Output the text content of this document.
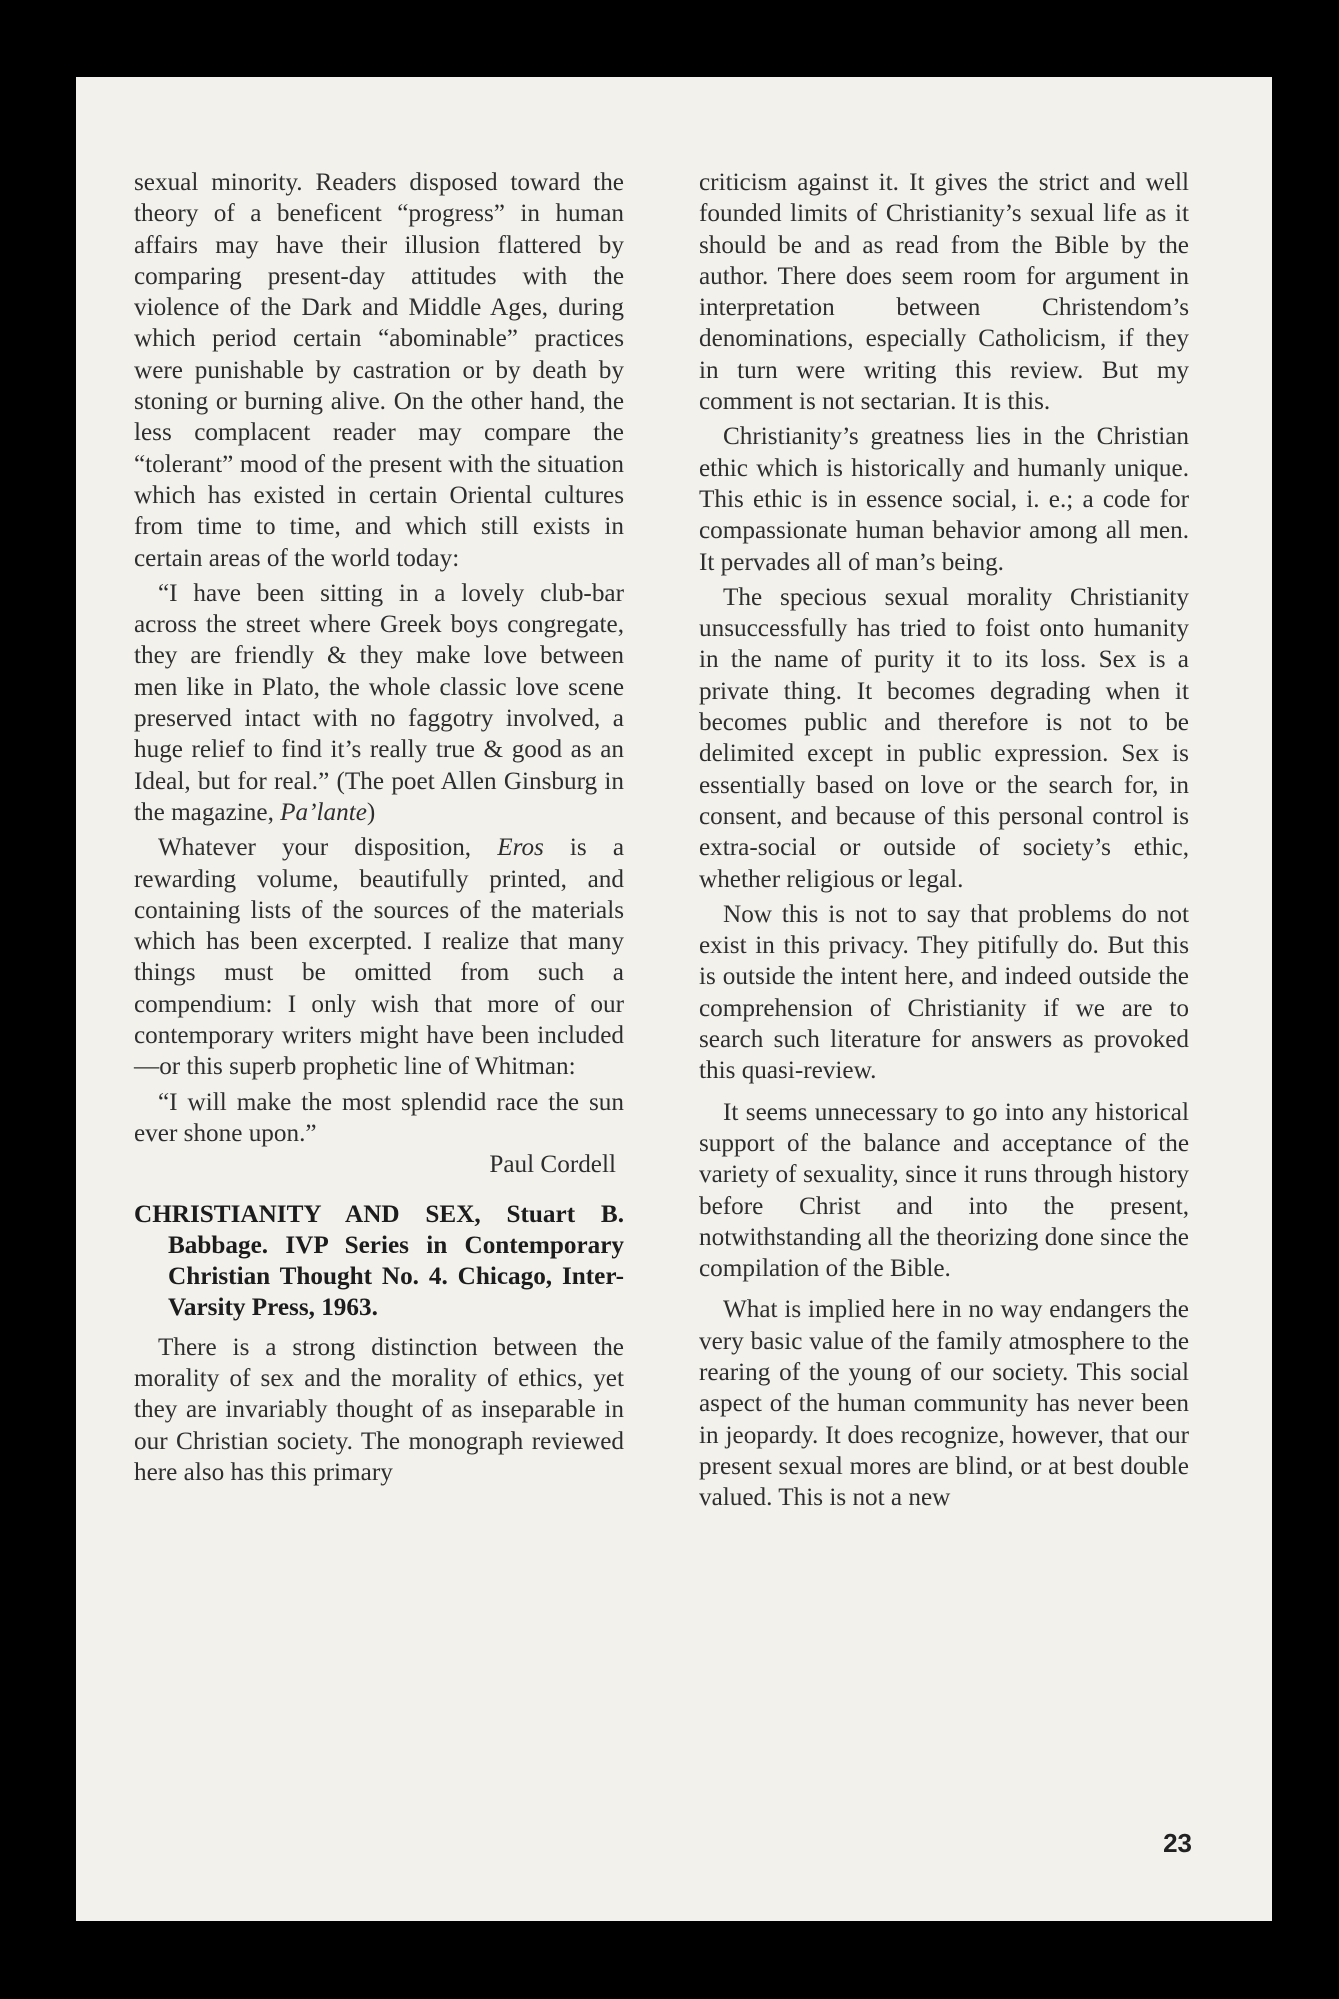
sexual minority. Readers disposed toward the theory of a beneficent “progress” in human affairs may have their illusion flattered by comparing present-day attitudes with the violence of the Dark and Middle Ages, during which period certain “abominable” practices were punishable by castration or by death by stoning or burning alive. On the other hand, the less complacent reader may compare the “tolerant” mood of the present with the situation which has existed in certain Oriental cultures from time to time, and which still exists in certain areas of the world today:

“I have been sitting in a lovely club-bar across the street where Greek boys congregate, they are friendly & they make love between men like in Plato, the whole classic love scene preserved intact with no faggotry involved, a huge relief to find it’s really true & good as an Ideal, but for real.” (The poet Allen Ginsburg in the magazine, Pa’lante)

Whatever your disposition, Eros is a rewarding volume, beautifully printed, and containing lists of the sources of the materials which has been excerpted. I realize that many things must be omitted from such a compendium: I only wish that more of our contemporary writers might have been included—or this superb prophetic line of Whitman:

“I will make the most splendid race the sun ever shone upon.”

Paul Cordell

CHRISTIANITY AND SEX, Stuart B. Babbage. IVP Series in Contemporary Christian Thought No. 4. Chicago, Inter-Varsity Press, 1963.

There is a strong distinction between the morality of sex and the morality of ethics, yet they are invariably thought of as inseparable in our Christian society. The monograph reviewed here also has this primary

criticism against it. It gives the strict and well founded limits of Christianity’s sexual life as it should be and as read from the Bible by the author. There does seem room for argument in interpretation between Christendom’s denominations, especially Catholicism, if they in turn were writing this review. But my comment is not sectarian. It is this.

Christianity’s greatness lies in the Christian ethic which is historically and humanly unique. This ethic is in essence social, i. e.; a code for compassionate human behavior among all men. It pervades all of man’s being.

The specious sexual morality Christianity unsuccessfully has tried to foist onto humanity in the name of purity it to its loss. Sex is a private thing. It becomes degrading when it becomes public and therefore is not to be delimited except in public expression. Sex is essentially based on love or the search for, in consent, and because of this personal control is extra-social or outside of society’s ethic, whether religious or legal.

Now this is not to say that problems do not exist in this privacy. They pitifully do. But this is outside the intent here, and indeed outside the comprehension of Christianity if we are to search such literature for answers as provoked this quasi-review.

It seems unnecessary to go into any historical support of the balance and acceptance of the variety of sexuality, since it runs through history before Christ and into the present, notwithstanding all the theorizing done since the compilation of the Bible.

What is implied here in no way endangers the very basic value of the family atmosphere to the rearing of the young of our society. This social aspect of the human community has never been in jeopardy. It does recognize, however, that our present sexual mores are blind, or at best double valued. This is not a new

23
